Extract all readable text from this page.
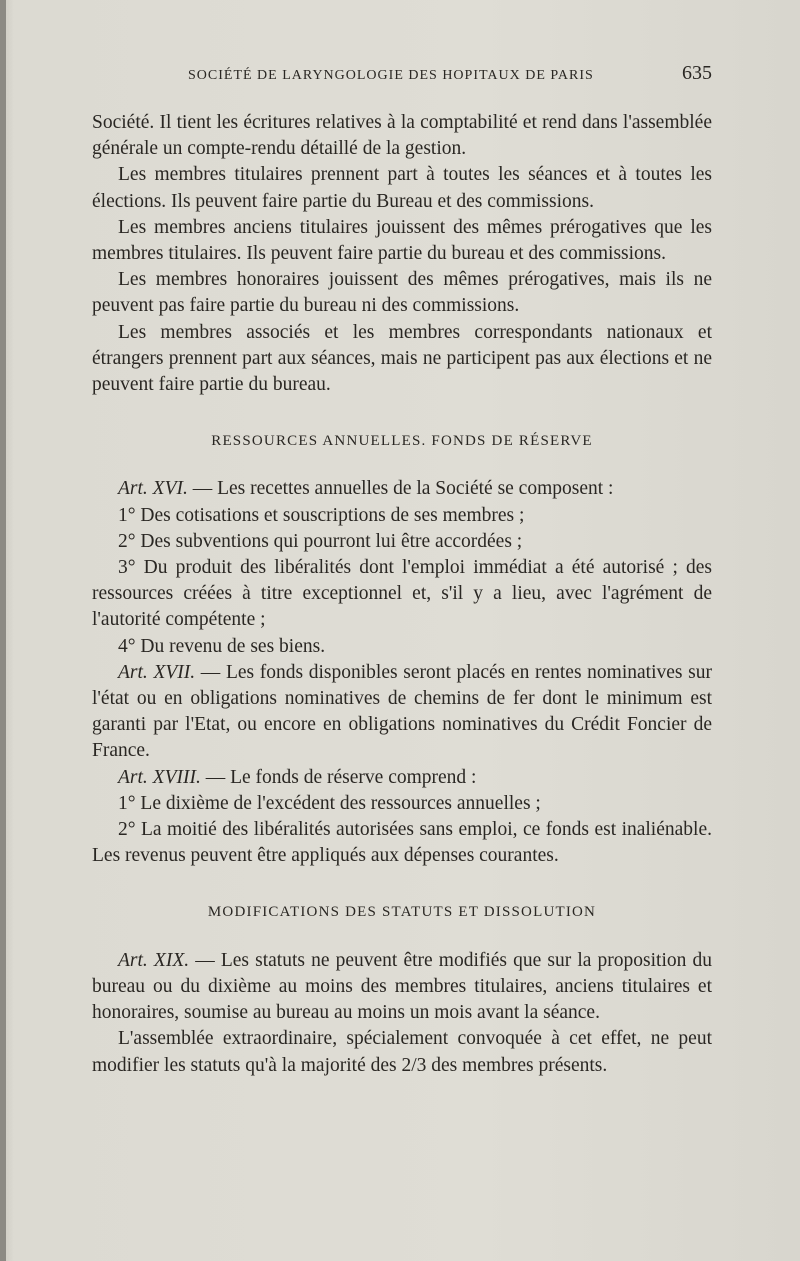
SOCIÉTÉ DE LARYNGOLOGIE DES HOPITAUX DE PARIS	635

Société. Il tient les écritures relatives à la comptabilité et rend dans l'assemblée générale un compte-rendu détaillé de la gestion.

Les membres titulaires prennent part à toutes les séances et à toutes les élections. Ils peuvent faire partie du Bureau et des commissions.

Les membres anciens titulaires jouissent des mêmes prérogatives que les membres titulaires. Ils peuvent faire partie du bureau et des commissions.

Les membres honoraires jouissent des mêmes prérogatives, mais ils ne peuvent pas faire partie du bureau ni des commissions.

Les membres associés et les membres correspondants nationaux et étrangers prennent part aux séances, mais ne participent pas aux élections et ne peuvent faire partie du bureau.

RESSOURCES ANNUELLES. FONDS DE RÉSERVE

Art. XVI. — Les recettes annuelles de la Société se composent :

1° Des cotisations et souscriptions de ses membres ;

2° Des subventions qui pourront lui être accordées ;

3° Du produit des libéralités dont l'emploi immédiat a été autorisé ; des ressources créées à titre exceptionnel et, s'il y a lieu, avec l'agrément de l'autorité compétente ;

4° Du revenu de ses biens.

Art. XVII. — Les fonds disponibles seront placés en rentes nominatives sur l'état ou en obligations nominatives de chemins de fer dont le minimum est garanti par l'Etat, ou encore en obligations nominatives du Crédit Foncier de France.

Art. XVIII. — Le fonds de réserve comprend :

1° Le dixième de l'excédent des ressources annuelles ;

2° La moitié des libéralités autorisées sans emploi, ce fonds est inaliénable. Les revenus peuvent être appliqués aux dépenses courantes.

MODIFICATIONS DES STATUTS ET DISSOLUTION

Art. XIX. — Les statuts ne peuvent être modifiés que sur la proposition du bureau ou du dixième au moins des membres titulaires, anciens titulaires et honoraires, soumise au bureau au moins un mois avant la séance.

L'assemblée extraordinaire, spécialement convoquée à cet effet, ne peut modifier les statuts qu'à la majorité des 2/3 des membres présents.
